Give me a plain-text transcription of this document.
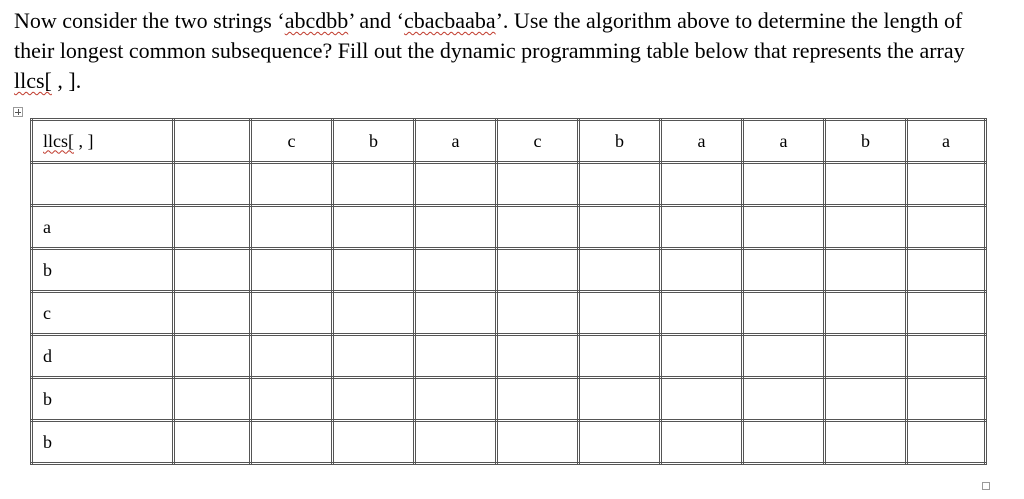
Now consider the two strings ‘abcdbb’ and ‘cbacbaaba’. Use the algorithm above to determine the length of their longest common subsequence? Fill out the dynamic programming table below that represents the array llcs[ , ].

llcs[ , ]		c	b	a	c	b	a	a	b	a

a										
b										
c										
d										
b										
b										
